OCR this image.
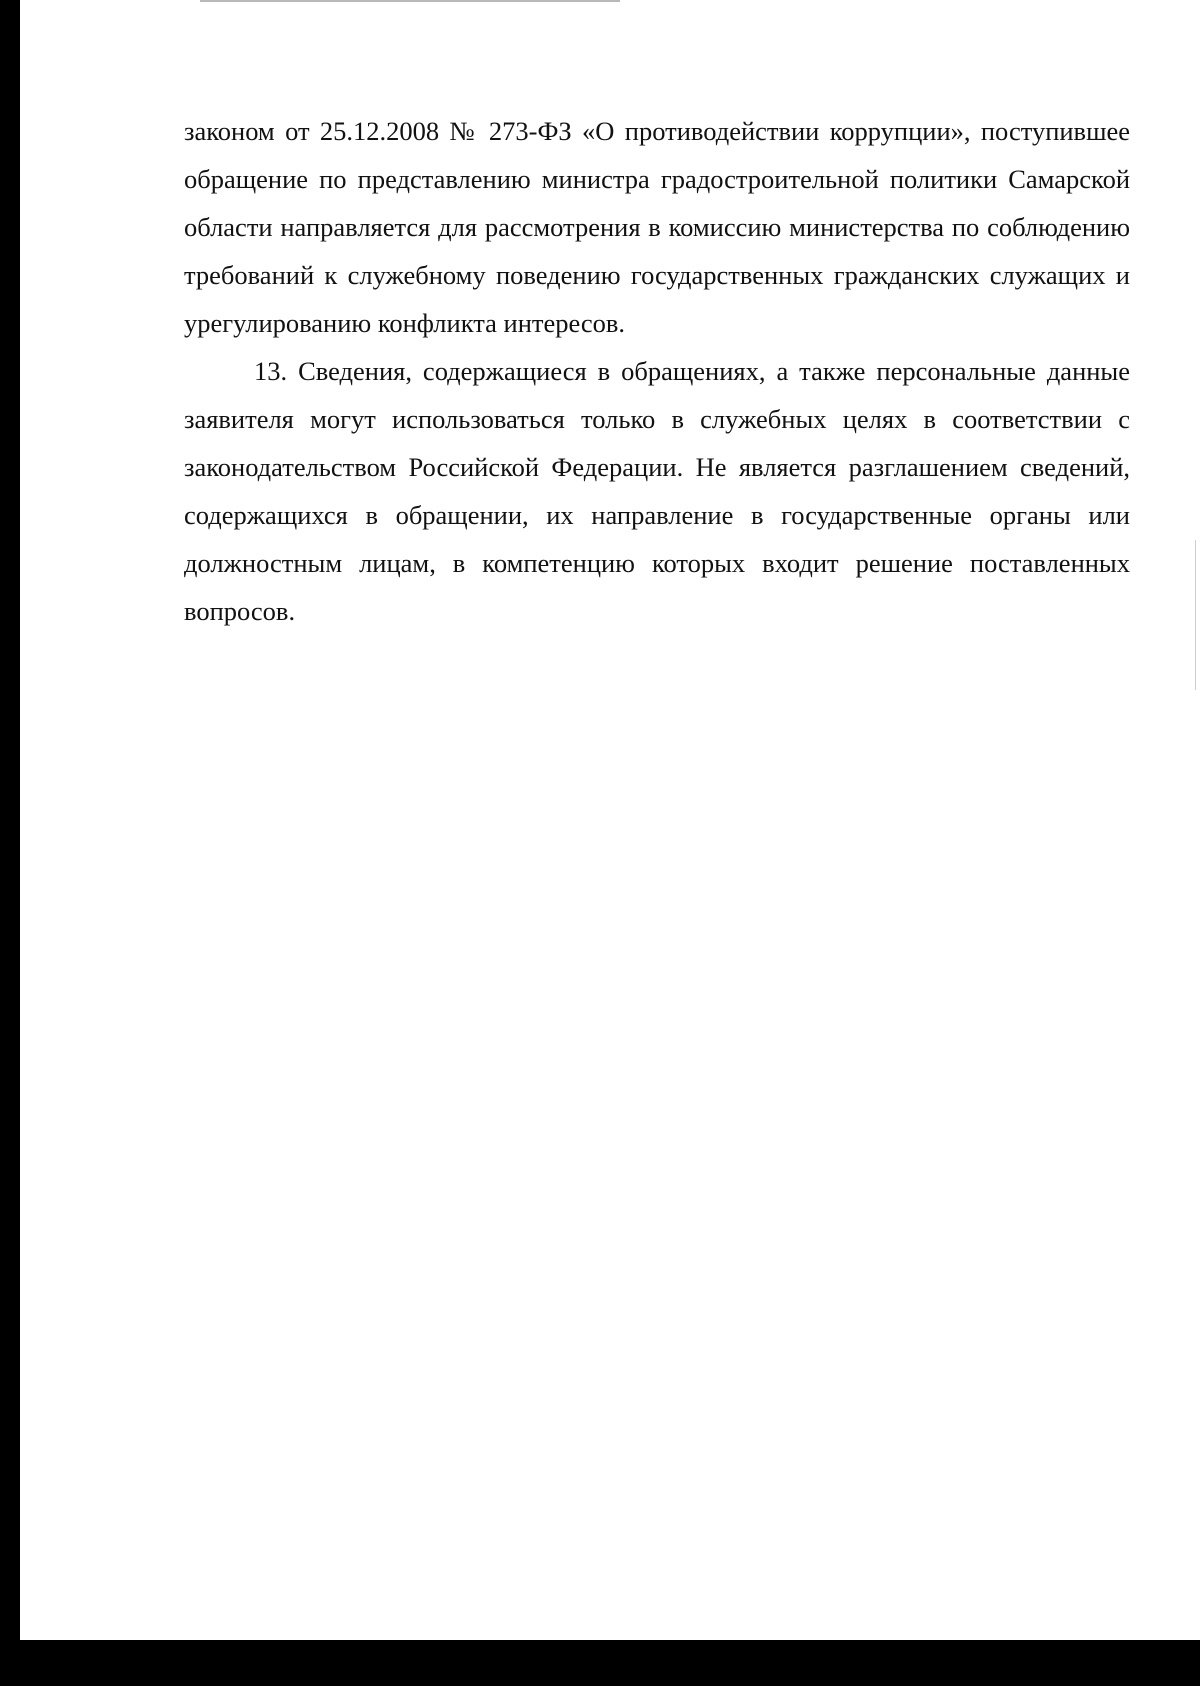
законом от 25.12.2008 № 273-ФЗ «О противодействии коррупции», поступившее обращение по представлению министра градостроительной политики Самарской области направляется для рассмотрения в комиссию министерства по соблюдению требований к служебному поведению государственных гражданских служащих и урегулированию конфликта интересов.

13. Сведения, содержащиеся в обращениях, а также персональные данные заявителя могут использоваться только в служебных целях в соответствии с законодательством Российской Федерации. Не является разглашением сведений, содержащихся в обращении, их направление в государственные органы или должностным лицам, в компетенцию которых входит решение поставленных вопросов.
